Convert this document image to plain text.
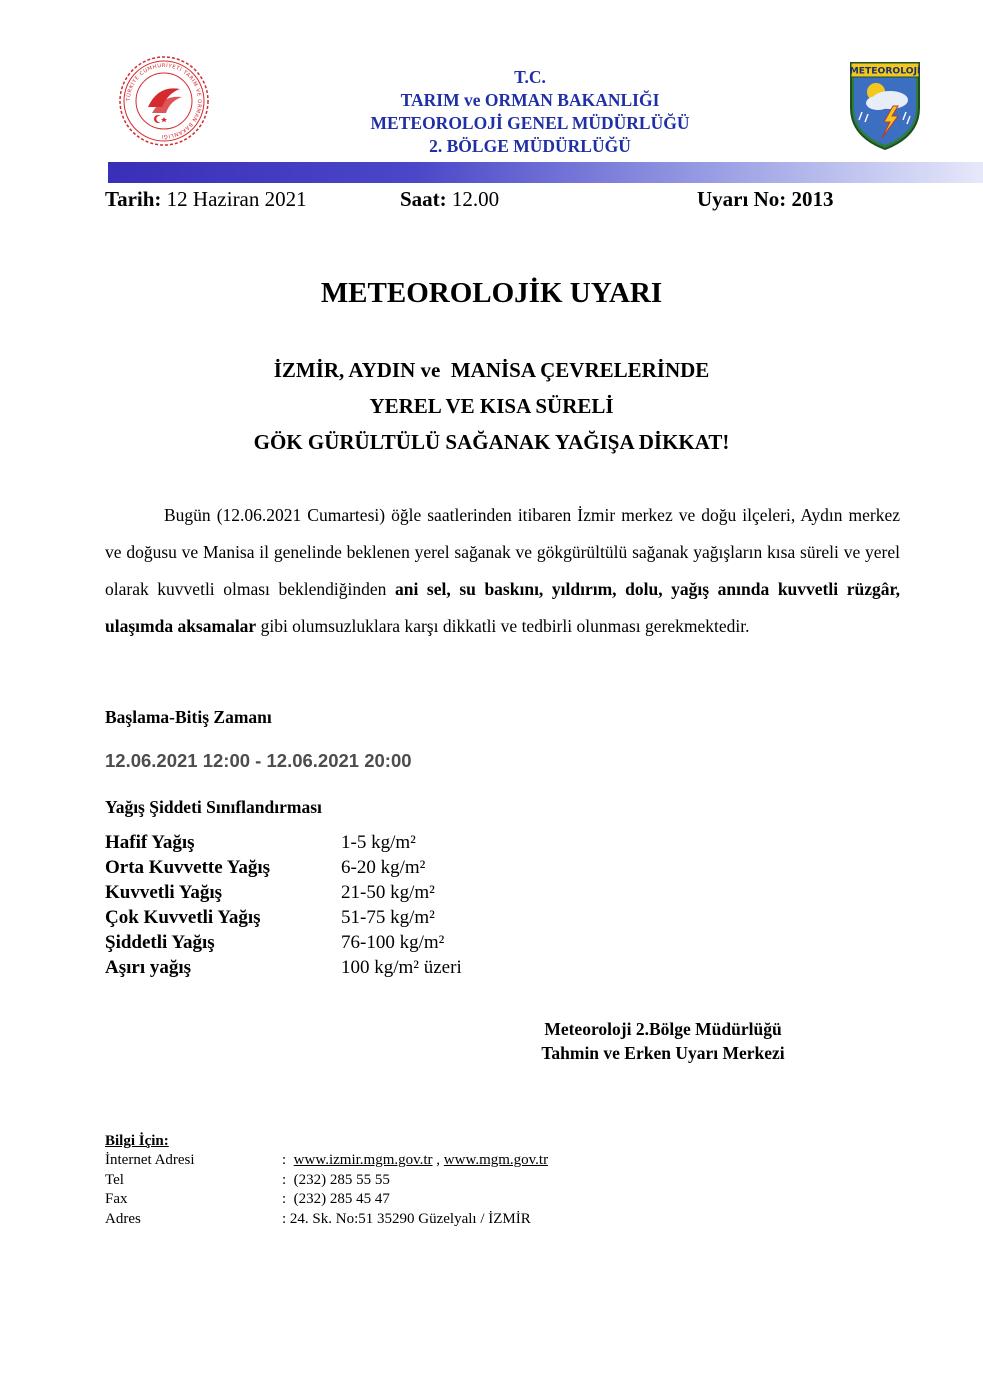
TÜRKİYE CUMHURİYETİ TARIM VE ORMAN BAKANLIĞI
METEOROLOJİ
T.C.
TARIM ve ORMAN BAKANLIĞI
METEOROLOJİ GENEL MÜDÜRLÜĞÜ
2. BÖLGE MÜDÜRLÜĞÜ
Tarih: 12 Haziran 2021	Saat: 12.00	Uyarı No: 2013
METEOROLOJİK UYARI
İZMİR, AYDIN ve  MANİSA ÇEVRELERİNDE
YEREL VE KISA SÜRELİ
GÖK GÜRÜLTÜLÜ SAĞANAK YAĞIŞA DİKKAT!
Bugün (12.06.2021 Cumartesi) öğle saatlerinden itibaren İzmir merkez ve doğu ilçeleri, Aydın merkez ve doğusu ve Manisa il genelinde beklenen yerel sağanak ve gökgürültülü sağanak yağışların kısa süreli ve yerel olarak kuvvetli olması beklendiğinden ani sel, su baskını, yıldırım, dolu, yağış anında kuvvetli rüzgâr, ulaşımda aksamalar gibi olumsuzluklara karşı dikkatli ve tedbirli olunması gerekmektedir.
Başlama-Bitiş Zamanı
12.06.2021 12:00 - 12.06.2021 20:00
Yağış Şiddeti Sınıflandırması
Hafif Yağış	1-5 kg/m²
Orta Kuvvette Yağış	6-20 kg/m²
Kuvvetli Yağış	21-50 kg/m²
Çok Kuvvetli Yağış	51-75 kg/m²
Şiddetli Yağış	76-100 kg/m²
Aşırı yağış	100 kg/m² üzeri
Meteoroloji 2.Bölge Müdürlüğü
Tahmin ve Erken Uyarı Merkezi
Bilgi İçin:
İnternet Adresi	: www.izmir.mgm.gov.tr , www.mgm.gov.tr
Tel	:  (232) 285 55 55
Fax	:  (232) 285 45 47
Adres	: 24. Sk. No:51 35290 Güzelyalı / İZMİR
